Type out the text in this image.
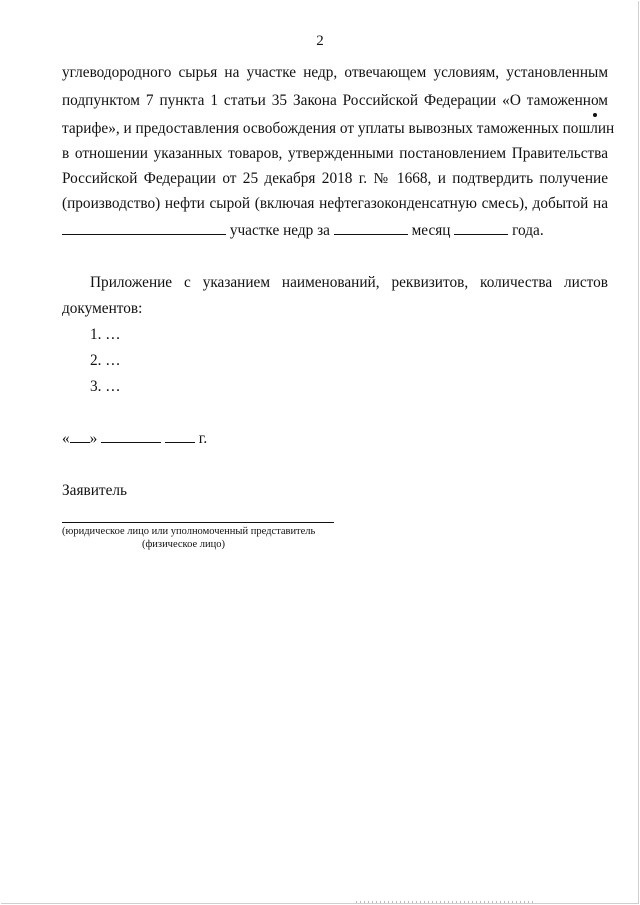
2
углеводородного сырья на участке недр, отвечающем условиям, установленным
подпунктом 7 пункта 1 статьи 35 Закона Российской Федерации «О таможенном
тарифе», и предоставления освобождения от уплаты вывозных таможенных пошлин
в отношении указанных товаров, утвержденными постановлением Правительства
Российской Федерации от 25 декабря 2018 г. № 1668, и подтвердить получение
(производство) нефти сырой (включая нефтегазоконденсатную смесь), добытой на
участке недр за	месяц	года.
Приложение с указанием наименований, реквизитов, количества листов
документов:
1. …
2. …
3. …
« »	г.
Заявитель
(юридическое лицо или уполномоченный представитель
(физическое лицо)
